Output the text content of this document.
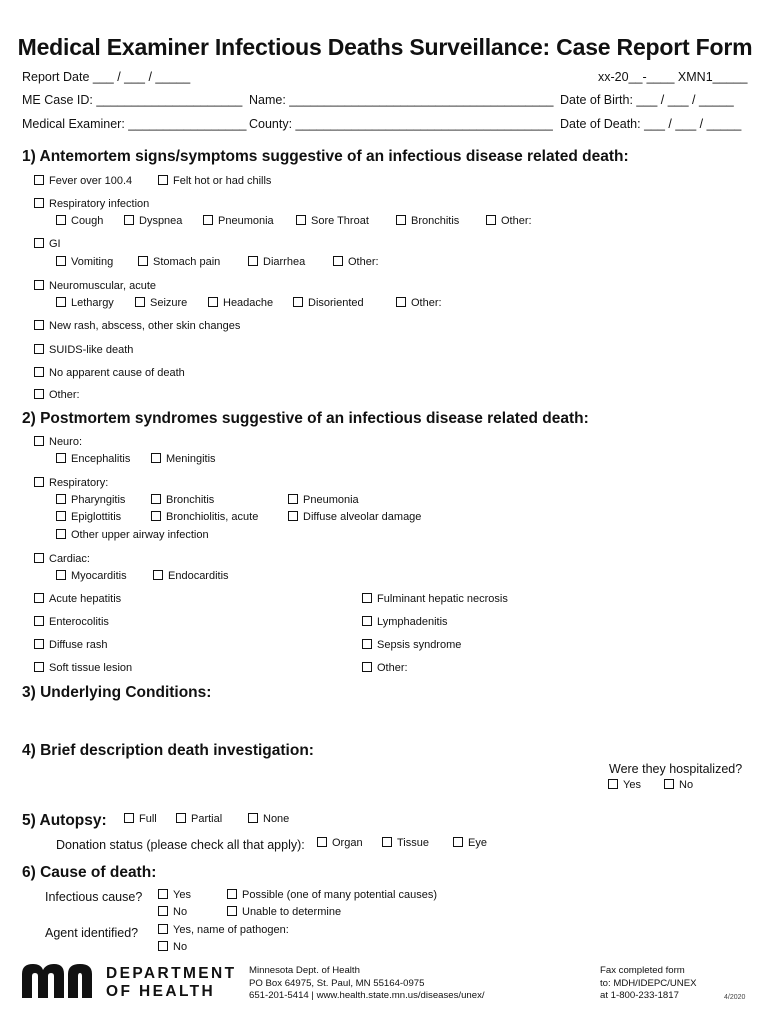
Medical Examiner Infectious Deaths Surveillance: Case Report Form
Report Date ___ / ___ / _____	xx-20__-____ XMN1_____
ME Case ID: _____________________ Name: ______________________________________ Date of Birth: ___ / ___ / _____
Medical Examiner: _________________ County: _____________________________________ Date of Death: ___ / ___ / _____
1) Antemortem signs/symptoms suggestive of an infectious disease related death:
Fever over 100.4	Felt hot or had chills
Respiratory infection
Cough	Dyspnea	Pneumonia	Sore Throat	Bronchitis	Other:
GI
Vomiting	Stomach pain	Diarrhea	Other:
Neuromuscular, acute
Lethargy	Seizure	Headache	Disoriented	Other:
New rash, abscess, other skin changes
SUIDS-like death
No apparent cause of death
Other:
2) Postmortem syndromes suggestive of an infectious disease related death:
Neuro:
Encephalitis	Meningitis
Respiratory:
Pharyngitis	Bronchitis	Pneumonia
Epiglottitis	Bronchiolitis, acute	Diffuse alveolar damage
Other upper airway infection
Cardiac:
Myocarditis	Endocarditis
Acute hepatitis
Enterocolitis
Diffuse rash
Soft tissue lesion
Fulminant hepatic necrosis
Lymphadenitis
Sepsis syndrome
Other:
3) Underlying Conditions:
4) Brief description death investigation:
Were they hospitalized?
Yes	No
5) Autopsy:	Full	Partial	None
Donation status (please check all that apply):	Organ	Tissue	Eye
6) Cause of death:
Infectious cause?	Yes
No
Possible (one of many potential causes)
Unable to determine
Agent identified?	Yes, name of pathogen:
No
DEPARTMENT
OF HEALTH
Minnesota Dept. of Health
PO Box 64975, St. Paul, MN 55164-0975
651-201-5414 | www.health.state.mn.us/diseases/unex/
Fax completed form
to: MDH/IDEPC/UNEX
at 1-800-233-1817	4/2020
